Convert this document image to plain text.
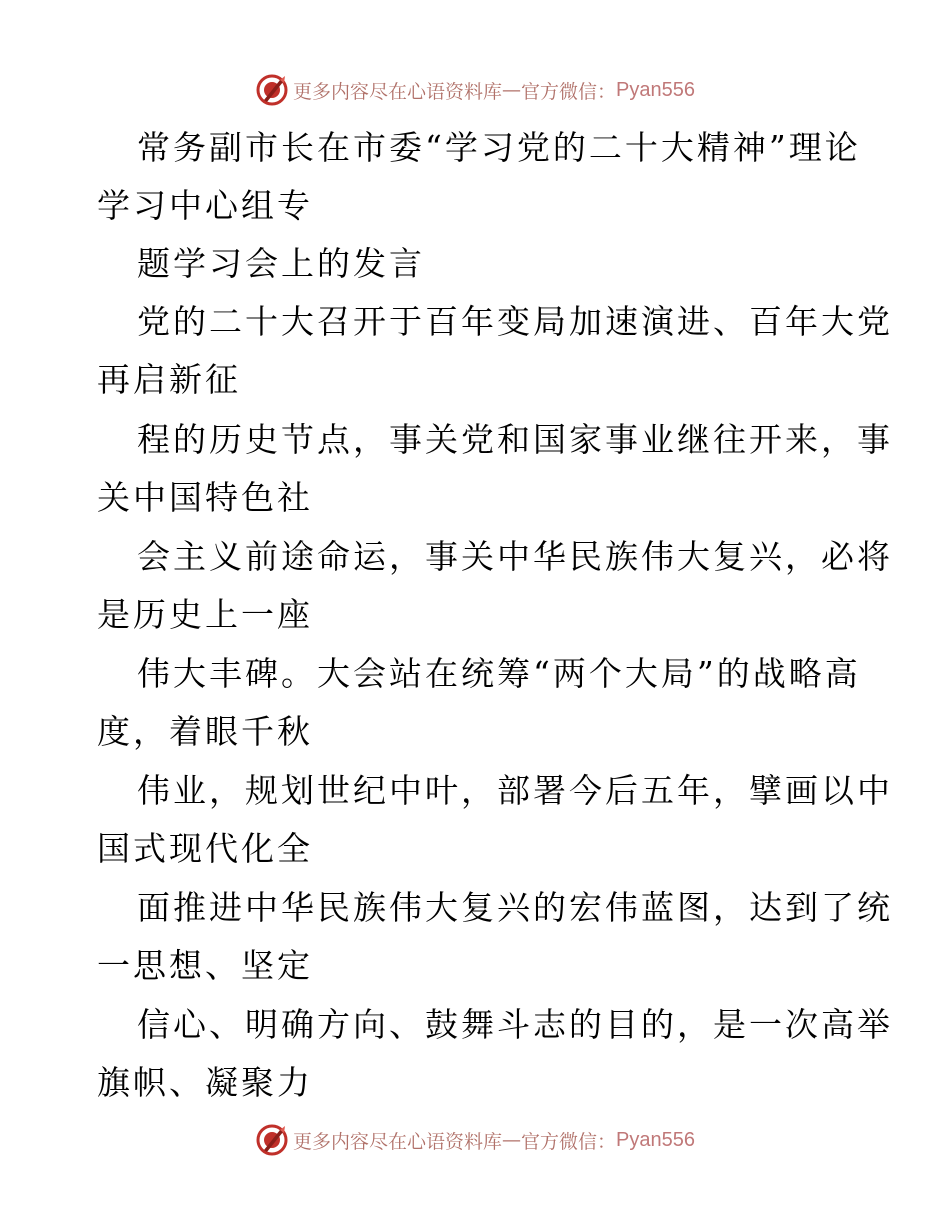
更多内容尽在心语资料库 — 官方微信： Pyan556
常务副市长在市委“学习党的二十大精神”理论
学习中心组专
题学习会上的发言
党的二十大召开于百年变局加速演进、百年大党
再启新征
程的历史节点，事关党和国家事业继往开来，事
关中国特色社
会主义前途命运，事关中华民族伟大复兴，必将
是历史上一座
伟大丰碑。大会站在统筹“两个大局”的战略高
度，着眼千秋
伟业，规划世纪中叶，部署今后五年，擘画以中
国式现代化全
面推进中华民族伟大复兴的宏伟蓝图，达到了统
一思想、坚定
信心、明确方向、鼓舞斗志的目的，是一次高举
旗帜、凝聚力
更多内容尽在心语资料库 — 官方微信： Pyan556
